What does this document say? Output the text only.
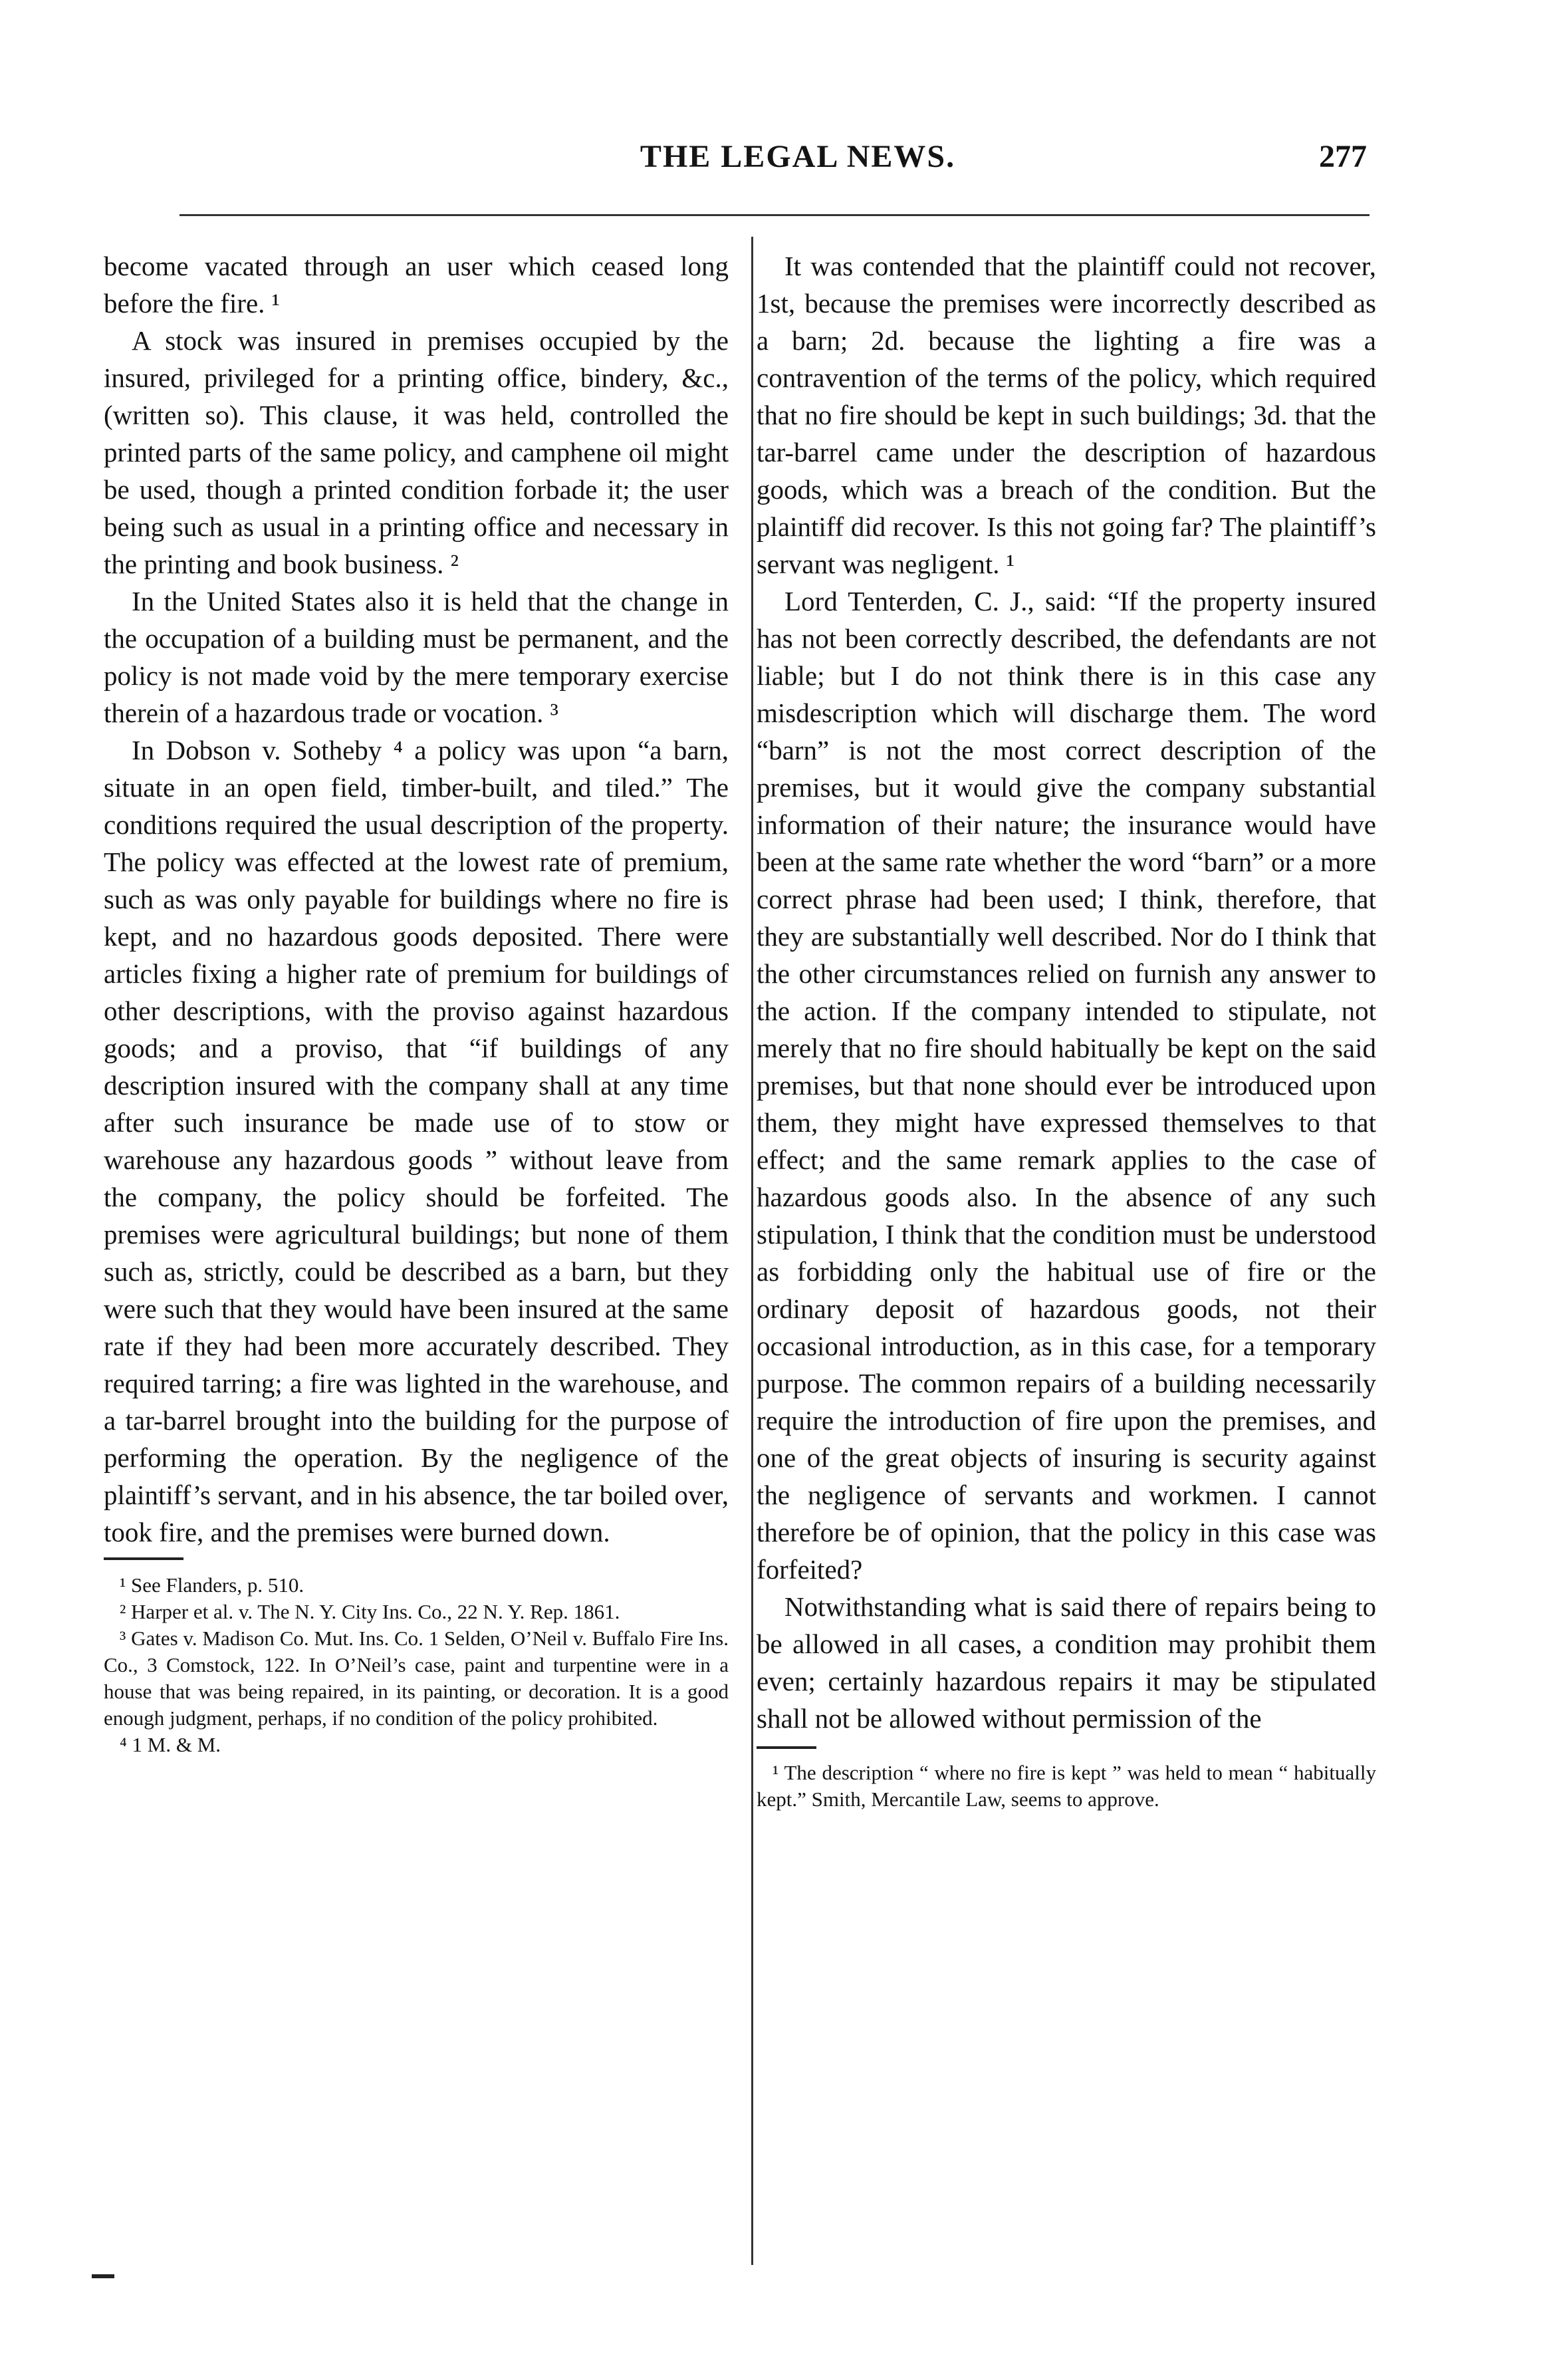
THE LEGAL NEWS.	277

become vacated through an user which ceased long before the fire. ¹

A stock was insured in premises occupied by the insured, privileged for a printing office, bindery, &c., (written so). This clause, it was held, controlled the printed parts of the same policy, and camphene oil might be used, though a printed condition forbade it; the user being such as usual in a printing office and necessary in the printing and book business. ²

In the United States also it is held that the change in the occupation of a building must be permanent, and the policy is not made void by the mere temporary exercise therein of a hazardous trade or vocation. ³

In Dobson v. Sotheby ⁴ a policy was upon “a barn, situate in an open field, timber-built, and tiled.” The conditions required the usual description of the property. The policy was effected at the lowest rate of premium, such as was only payable for buildings where no fire is kept, and no hazardous goods deposited. There were articles fixing a higher rate of premium for buildings of other descriptions, with the proviso against hazardous goods; and a proviso, that “if buildings of any description insured with the company shall at any time after such insurance be made use of to stow or warehouse any hazardous goods ” without leave from the company, the policy should be forfeited. The premises were agricultural buildings; but none of them such as, strictly, could be described as a barn, but they were such that they would have been insured at the same rate if they had been more accurately described. They required tarring; a fire was lighted in the warehouse, and a tar-barrel brought into the building for the purpose of performing the operation. By the negligence of the plaintiff’s servant, and in his absence, the tar boiled over, took fire, and the premises were burned down.

¹ See Flanders, p. 510.

² Harper et al. v. The N. Y. City Ins. Co., 22 N. Y. Rep. 1861.

³ Gates v. Madison Co. Mut. Ins. Co. 1 Selden, O’Neil v. Buffalo Fire Ins. Co., 3 Comstock, 122. In O’Neil’s case, paint and turpentine were in a house that was being repaired, in its painting, or decoration. It is a good enough judgment, perhaps, if no condition of the policy prohibited.

⁴ 1 M. & M.

It was contended that the plaintiff could not recover, 1st, because the premises were incorrectly described as a barn; 2d. because the lighting a fire was a contravention of the terms of the policy, which required that no fire should be kept in such buildings; 3d. that the tar-barrel came under the description of hazardous goods, which was a breach of the condition. But the plaintiff did recover. Is this not going far? The plaintiff’s servant was negligent. ¹

Lord Tenterden, C. J., said: “If the property insured has not been correctly described, the defendants are not liable; but I do not think there is in this case any misdescription which will discharge them. The word “barn” is not the most correct description of the premises, but it would give the company substantial information of their nature; the insurance would have been at the same rate whether the word “barn” or a more correct phrase had been used; I think, therefore, that they are substantially well described. Nor do I think that the other circumstances relied on furnish any answer to the action. If the company intended to stipulate, not merely that no fire should habitually be kept on the said premises, but that none should ever be introduced upon them, they might have expressed themselves to that effect; and the same remark applies to the case of hazardous goods also. In the absence of any such stipulation, I think that the condition must be understood as forbidding only the habitual use of fire or the ordinary deposit of hazardous goods, not their occasional introduction, as in this case, for a temporary purpose. The common repairs of a building necessarily require the introduction of fire upon the premises, and one of the great objects of insuring is security against the negligence of servants and workmen. I cannot therefore be of opinion, that the policy in this case was forfeited?

Notwithstanding what is said there of repairs being to be allowed in all cases, a condition may prohibit them even; certainly hazardous repairs it may be stipulated shall not be allowed without permission of the

¹ The description “ where no fire is kept ” was held to mean “ habitually kept.” Smith, Mercantile Law, seems to approve.
